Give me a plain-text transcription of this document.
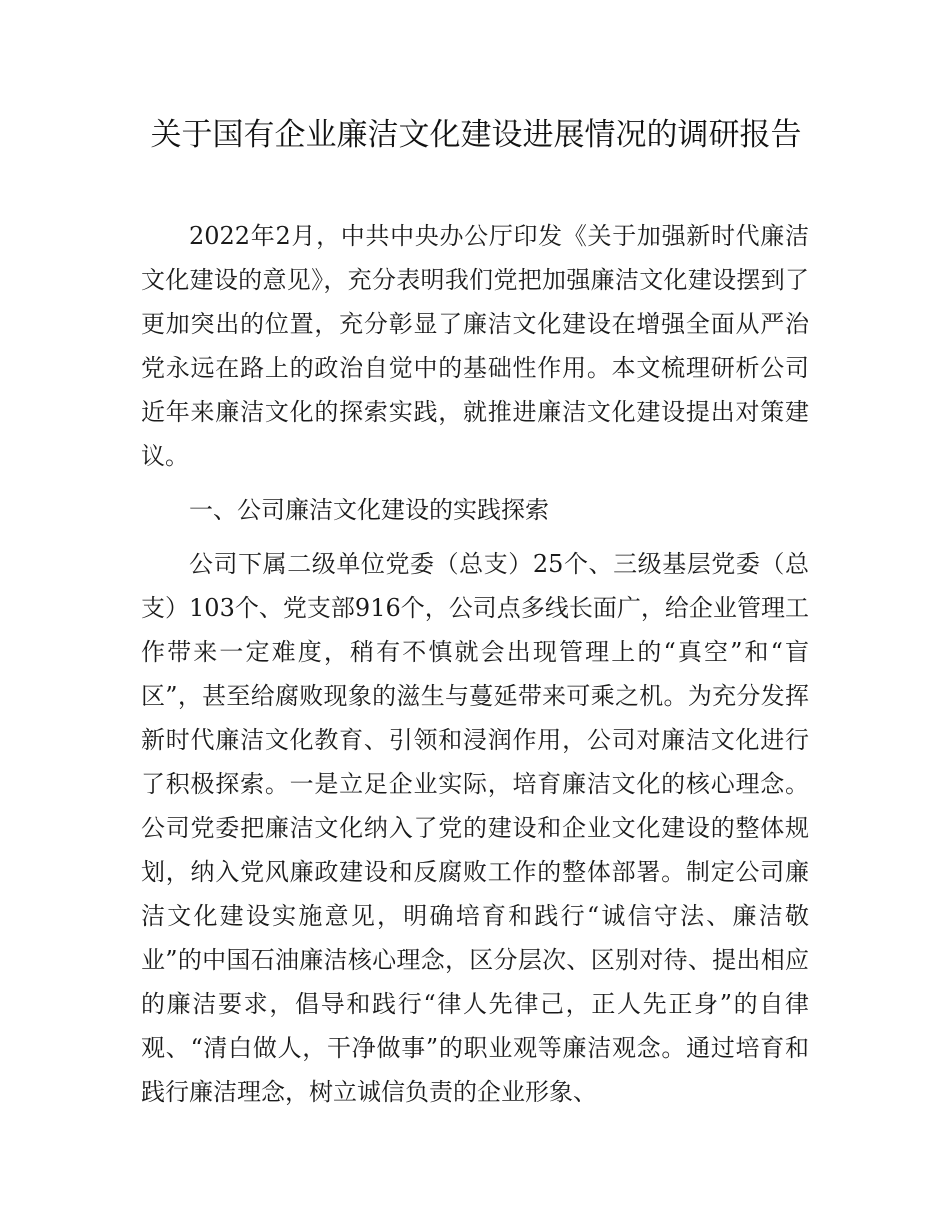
关于国有企业廉洁文化建设进展情况的调研报告

2022年2月，中共中央办公厅印发《关于加强新时代廉洁文化建设的意见》，充分表明我们党把加强廉洁文化建设摆到了更加突出的位置，充分彰显了廉洁文化建设在增强全面从严治党永远在路上的政治自觉中的基础性作用。本文梳理研析公司近年来廉洁文化的探索实践，就推进廉洁文化建设提出对策建议。

一、公司廉洁文化建设的实践探索

公司下属二级单位党委（总支）25个、三级基层党委（总支）103个、党支部916个，公司点多线长面广，给企业管理工作带来一定难度，稍有不慎就会出现管理上的“真空”和“盲区”，甚至给腐败现象的滋生与蔓延带来可乘之机。为充分发挥新时代廉洁文化教育、引领和浸润作用，公司对廉洁文化进行了积极探索。一是立足企业实际，培育廉洁文化的核心理念。公司党委把廉洁文化纳入了党的建设和企业文化建设的整体规划，纳入党风廉政建设和反腐败工作的整体部署。制定公司廉洁文化建设实施意见，明确培育和践行“诚信守法、廉洁敬业”的中国石油廉洁核心理念，区分层次、区别对待、提出相应的廉洁要求，倡导和践行“律人先律己，正人先正身”的自律观、“清白做人，干净做事”的职业观等廉洁观念。通过培育和践行廉洁理念，树立诚信负责的企业形象、
